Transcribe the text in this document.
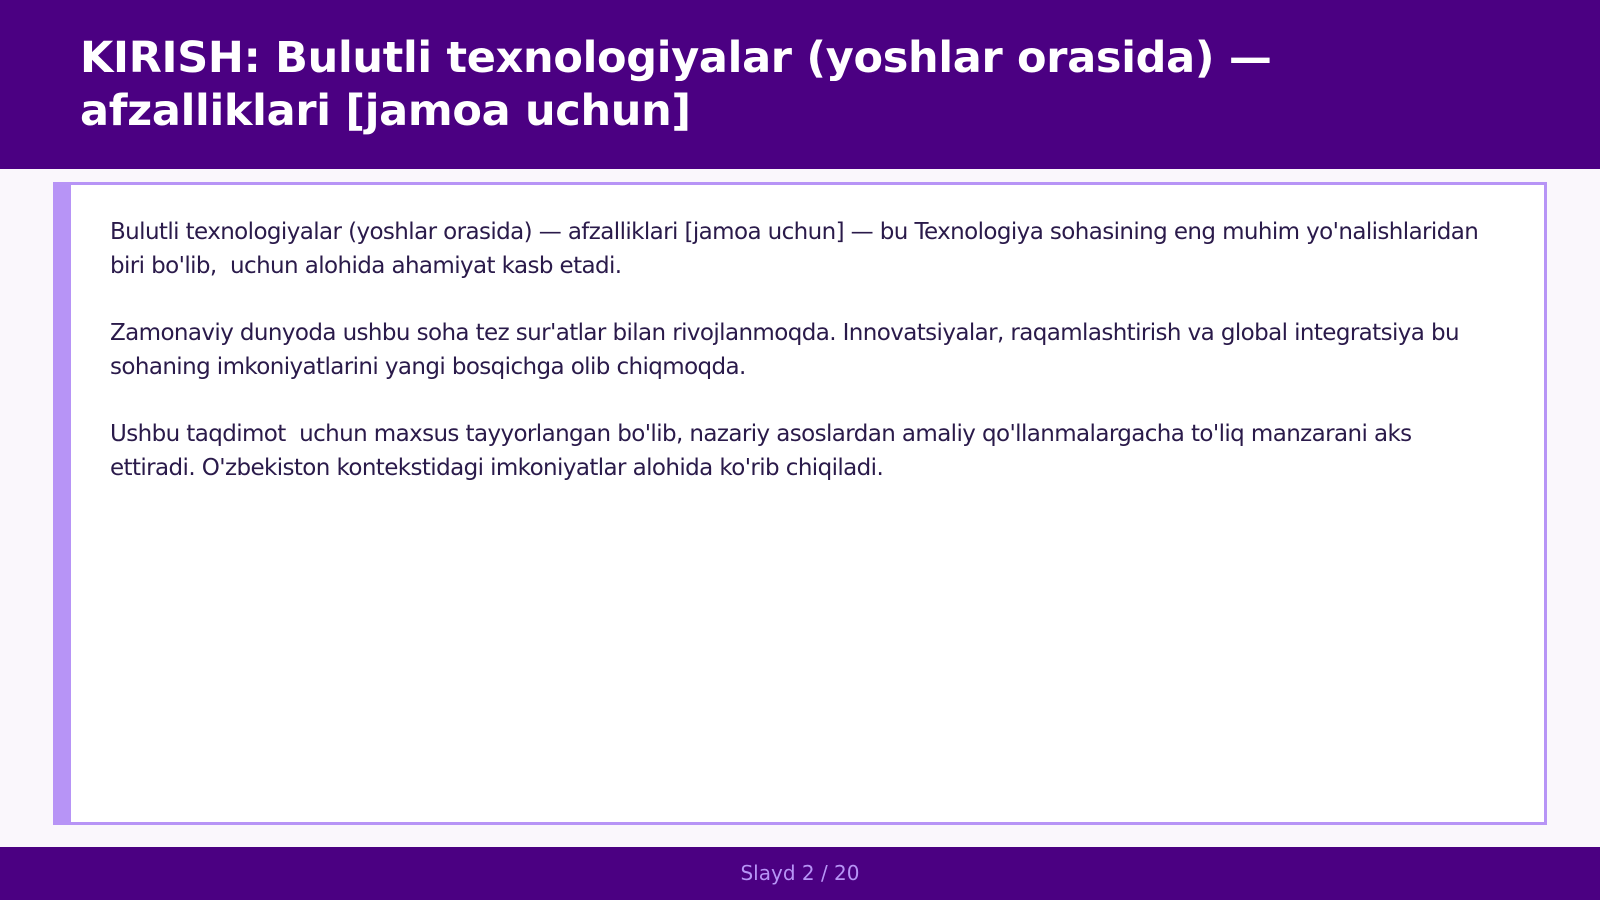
KIRISH: Bulutli texnologiyalar (yoshlar orasida) — afzalliklari [jamoa uchun]

Bulutli texnologiyalar (yoshlar orasida) — afzalliklari [jamoa uchun] — bu Texnologiya sohasining eng muhim yo'nalishlaridan biri bo'lib,  uchun alohida ahamiyat kasb etadi.

Zamonaviy dunyoda ushbu soha tez sur'atlar bilan rivojlanmoqda. Innovatsiyalar, raqamlashtirish va global integratsiya bu sohaning imkoniyatlarini yangi bosqichga olib chiqmoqda.

Ushbu taqdimot  uchun maxsus tayyorlangan bo'lib, nazariy asoslardan amaliy qo'llanmalargacha to'liq manzarani aks ettiradi. O'zbekiston kontekstidagi imkoniyatlar alohida ko'rib chiqiladi.

Slayd 2 / 20
